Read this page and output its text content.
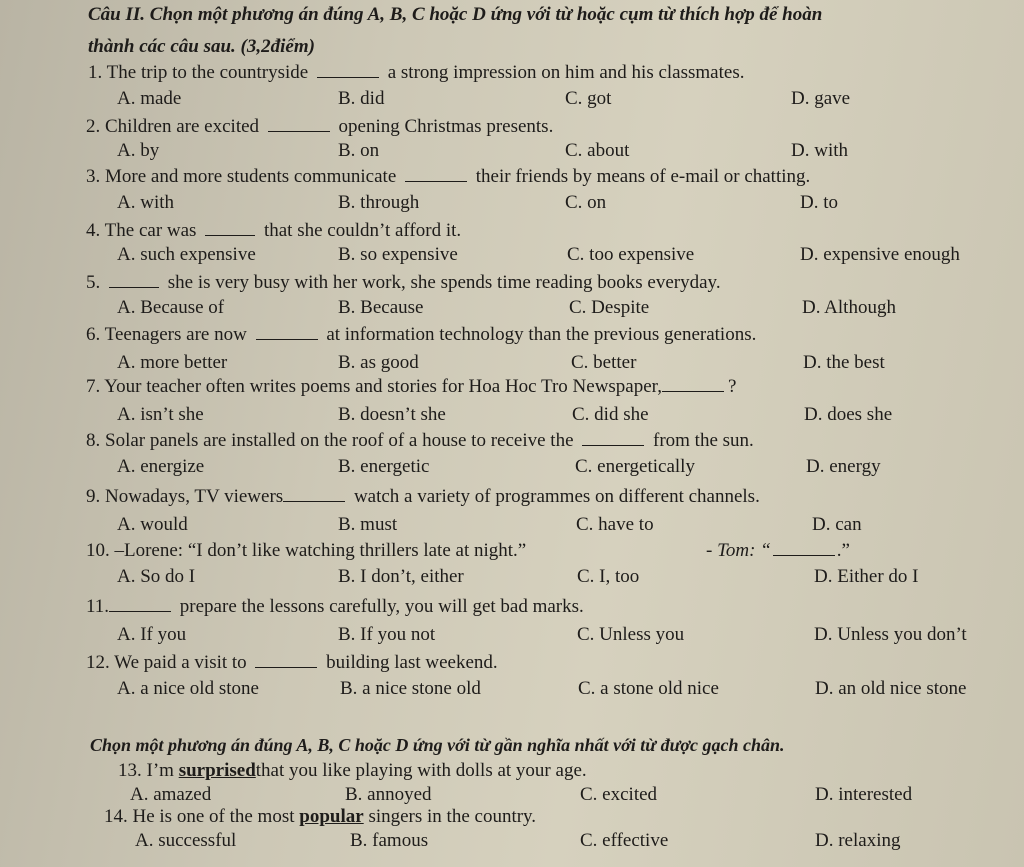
Câu II. Chọn một phương án đúng A, B, C hoặc D ứng với từ hoặc cụm từ thích hợp để hoàn
thành các câu sau. (3,2điểm)
1. The trip to the countryside	a strong impression on him and his classmates.
A. made	B. did	C. got	D. gave
2. Children are excited	opening Christmas presents.
A. by	B. on	C. about	D. with
3. More and more students communicate	their friends by means of e-mail or chatting.
A. with	B. through	C. on	D. to
4. The car was	that she couldn’t afford it.
A. such expensive	B. so expensive	C. too expensive	D. expensive enough
5.	she is very busy with her work, she spends time reading books everyday.
A. Because of	B. Because	C. Despite	D. Although
6. Teenagers are now	at information technology than the previous generations.
A. more better	B. as good	C. better	D. the best
7. Your teacher often writes poems and stories for Hoa Hoc Tro Newspaper,	?
A. isn’t she	B. doesn’t she	C. did she	D. does she
8. Solar panels are installed on the roof of a house to receive the	from the sun.
A. energize	B. energetic	C. energetically	D. energy
9. Nowadays, TV viewers	watch a variety of programmes on different channels.
A. would	B. must	C. have to	D. can
10. –Lorene: “I don’t like watching thrillers late at night.”	- Tom: “	.”
A. So do I	B. I don’t, either	C. I, too	D. Either do I
11.	prepare the lessons carefully, you will get bad marks.
A. If you	B. If you not	C. Unless you	D. Unless you don’t
12. We paid a visit to	building last weekend.
A. a nice old stone	B. a nice stone old	C. a stone old nice	D. an old nice stone
Chọn một phương án đúng A, B, C hoặc D ứng với từ gần nghĩa nhất với từ được gạch chân.
13. I’m surprisedthat you like playing with dolls at your age.
A. amazed	B. annoyed	C. excited	D. interested
14. He is one of the most popular singers in the country.
A. successful	B. famous	C. effective	D. relaxing
